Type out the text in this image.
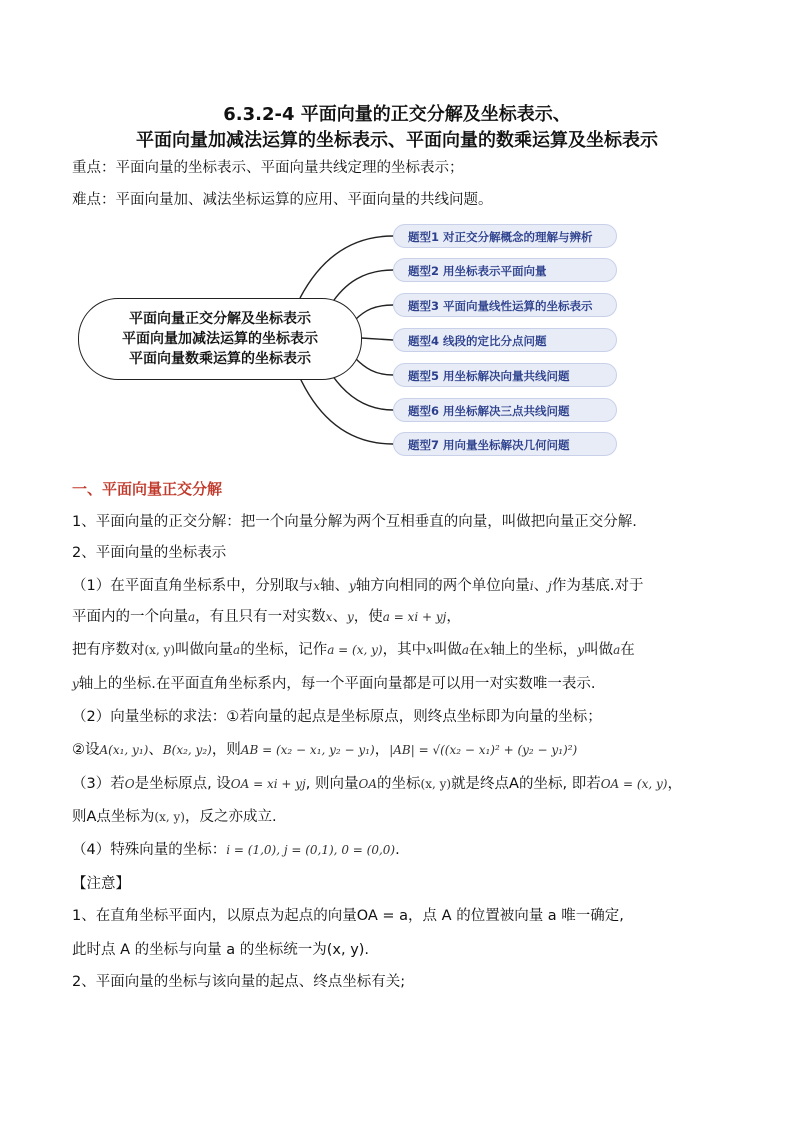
6.3.2-4 平面向量的正交分解及坐标表示、
平面向量加减法运算的坐标表示、平面向量的数乘运算及坐标表示
重点：平面向量的坐标表示、平面向量共线定理的坐标表示；
难点：平面向量加、减法坐标运算的应用、平面向量的共线问题。
平面向量正交分解及坐标表示
平面向量加减法运算的坐标表示
平面向量数乘运算的坐标表示
题型1 对正交分解概念的理解与辨析
题型2 用坐标表示平面向量
题型3 平面向量线性运算的坐标表示
题型4 线段的定比分点问题
题型5 用坐标解决向量共线问题
题型6 用坐标解决三点共线问题
题型7 用向量坐标解决几何问题
一、平面向量正交分解
1、平面向量的正交分解：把一个向量分解为两个互相垂直的向量，叫做把向量正交分解.
2、平面向量的坐标表示
（1）在平面直角坐标系中，分别取与x轴、y轴方向相同的两个单位向量i、j作为基底.对于
平面内的一个向量a，有且只有一对实数x、y，使a = xi + yj，
把有序数对(x, y)叫做向量a的坐标，记作a = (x, y)，其中x叫做a在x轴上的坐标，y叫做a在
y轴上的坐标.在平面直角坐标系内，每一个平面向量都是可以用一对实数唯一表示.
（2）向量坐标的求法：①若向量的起点是坐标原点，则终点坐标即为向量的坐标；
②设A(x₁, y₁)、B(x₂, y₂)，则AB = (x₂ − x₁, y₂ − y₁)，|AB| = √((x₂ − x₁)² + (y₂ − y₁)²)
（3）若O是坐标原点, 设OA = xi + yj, 则向量OA的坐标(x, y)就是终点A的坐标, 即若OA = (x, y)，
则A点坐标为(x, y)，反之亦成立.
（4）特殊向量的坐标：i = (1,0), j = (0,1), 0 = (0,0).
【注意】
1、在直角坐标平面内，以原点为起点的向量OA = a，点 A 的位置被向量 a 唯一确定,
此时点 A 的坐标与向量 a 的坐标统一为(x, y).
2、平面向量的坐标与该向量的起点、终点坐标有关;
